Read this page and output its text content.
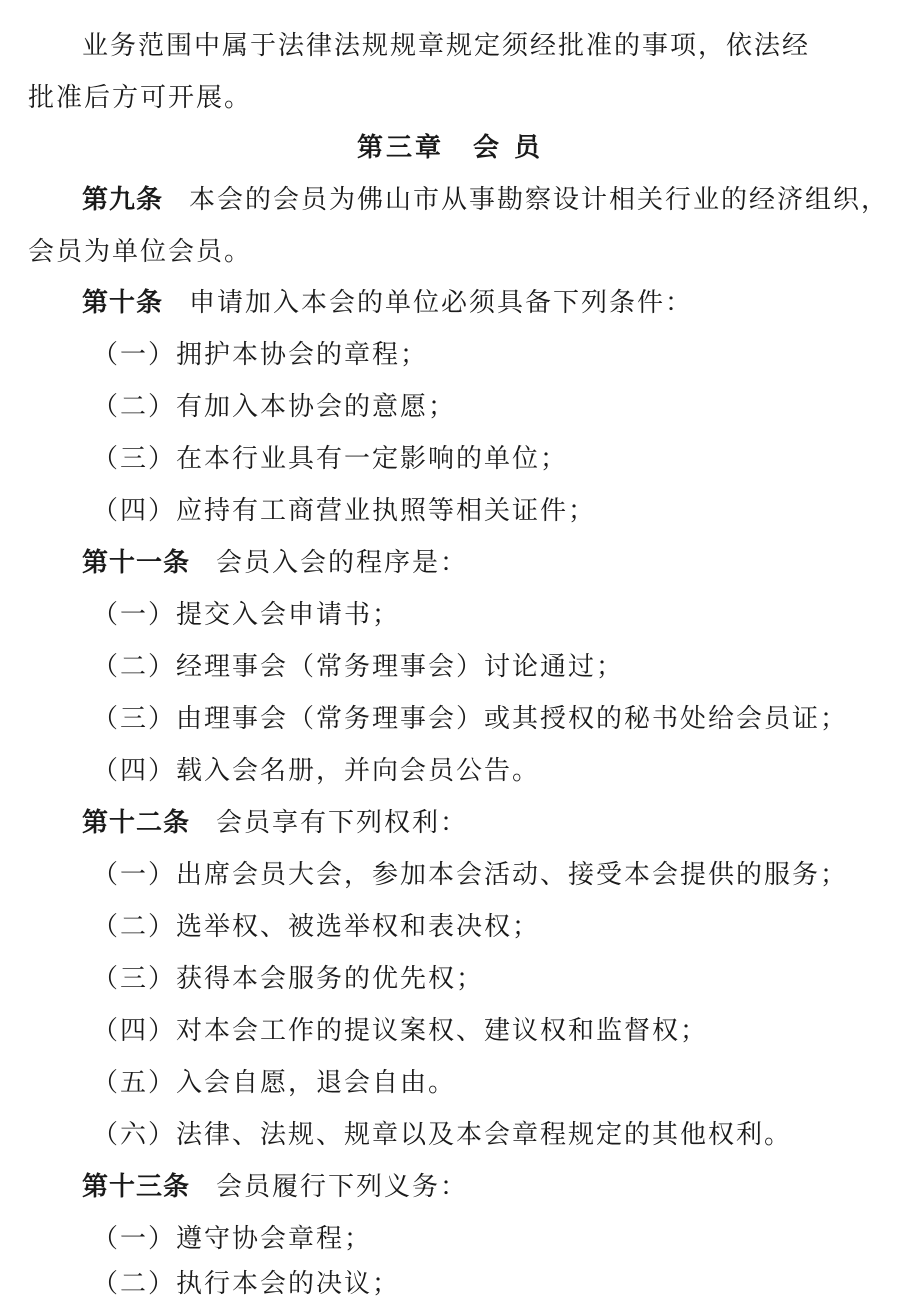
业务范围中属于法律法规规章规定须经批准的事项，依法经
批准后方可开展。
第三章　会 员
第九条 本会的会员为佛山市从事勘察设计相关行业的经济组织，
会员为单位会员。
第十条 申请加入本会的单位必须具备下列条件：
（一）拥护本协会的章程；
（二）有加入本协会的意愿；
（三）在本行业具有一定影响的单位；
（四）应持有工商营业执照等相关证件；
第十一条 会员入会的程序是：
（一）提交入会申请书；
（二）经理事会（常务理事会）讨论通过；
（三）由理事会（常务理事会）或其授权的秘书处给会员证；
（四）载入会名册，并向会员公告。
第十二条 会员享有下列权利：
（一）出席会员大会，参加本会活动、接受本会提供的服务；
（二）选举权、被选举权和表决权；
（三）获得本会服务的优先权；
（四）对本会工作的提议案权、建议权和监督权；
（五）入会自愿，退会自由。
（六）法律、法规、规章以及本会章程规定的其他权利。
第十三条 会员履行下列义务：
（一）遵守协会章程；
（二）执行本会的决议；
